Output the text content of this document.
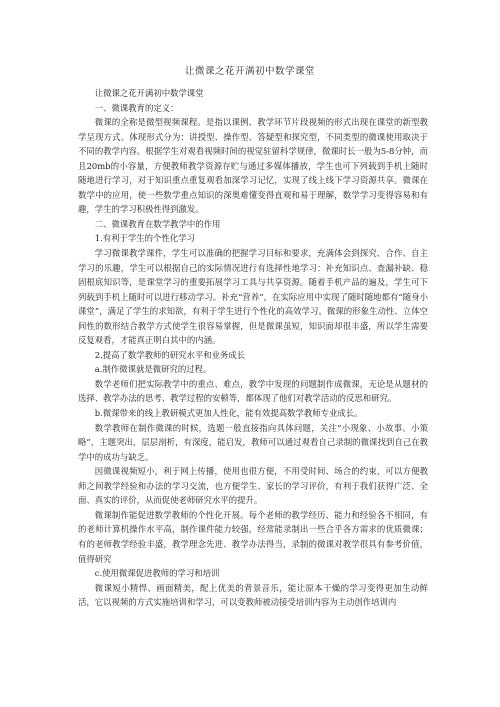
让微课之花开满初中数学课堂

让微课之花开满初中数学课堂

一、微课教育的定义：

微课的全称是微型视频课程。是指以课例、教学环节片段视频的形式出现在课堂的新型教学呈现方式。体现形式分为：讲授型、操作型、答疑型和探究型，不同类型的微课使用取决于不同的教学内容。根据学生对观看视频时间的视觉驻留科学规律，微课时长一般为5-8分钟，而且20mb的小容量，方便教师教学资源存贮与通过多媒体播放，学生也可下列载到手机上随时随地进行学习，对于知识重点重复观看加深学习记忆，实现了线上线下学习资源共享。微课在数学中的应用，使一些数学重点知识的深奥难懂变得直观和易于理解，数学学习变得容易和有趣，学生的学习积极性得到激发。

二、微课教育在数学教学中的作用

1.有利于学生的个性化学习

学习微课教学课件，学生可以准确的把握学习目标和要求，充满体会到探究、合作、自主学习的乐趣，学生可以根据自己的实际情况进行有选择性地学习：补充知识点、查漏补缺、稳固根底知识等，是课堂学习的重要拓展学习工具与共享资源。随着手机产品的遍及，学生可下列载到手机上随时可以进行移动学习。补充“营养”，在实际应用中实现了随时随地都有“随身小课堂”，满足了学生的求知欲，有利于学生进行个性化的高效学习。微课的形象生动性、立体空间性的数形结合教学方式使学生很容易掌握，但是微课虽短，知识面却很丰盛，所以学生需要反复观看，才能真正明白其中的内涵。

2.提高了数学教师的研究水平和业务成长

a.制作微课就是微研究的过程。

数学老师们把实际教学中的重点、难点，教学中发现的问题制作成微课，无论是从题材的选择、教学办法的思考、教学过程的安顿等，都体现了他们对教学活动的反思和研究。

b.微课带来的线上教研模式更加人性化，能有效提高数学教师专业成长。

数学教师在制作微课的时候，选题一般直接指向具体问题，关注“小现象、小故事、小策略”，主题突出，层层剖析，有深度，能启发，教师可以通过观看自己录制的微课找到自己在教学中的成功与缺乏。

因微课视频短小，利于网上传播，使用也很方便，不用受时间、场合的约束，可以方便教师之间教学经验和办法的学习交流，也方便学生、家长的学习评价，有利于我们获得广泛、全面、真实的评价，从而促使老师研究水平的提升。

微课制作能促进数学教师的个性化开展。每个老师的教学经历、能力和经验各不相同，有的老师计算机操作水平高，制作课件能力较强，经常能录制出一些合乎各方需求的优质微课；有的老师教学经验丰盛，教学理念先进、教学办法得当，录制的微课对教学很具有参考价值，值得研究

c.使用微课促进教师的学习和培训

微课短小精悍、画面精美，配上优美的背景音乐，能让原本干燥的学习变得更加生动鲜活，它以视频的方式实施培训和学习，可以变教师被动接受培训内容为主动创作培训内
